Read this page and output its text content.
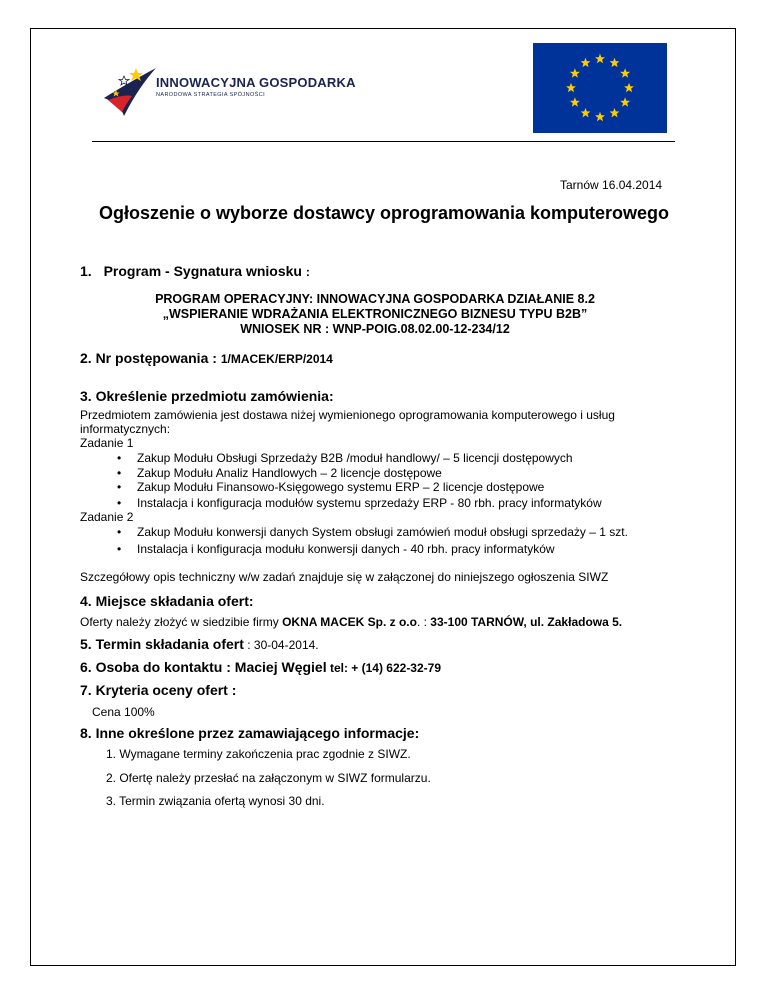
INNOWACYJNA GOSPODARKA
NARODOWA STRATEGIA SPÓJNOŚCI
Tarnów 16.04.2014
Ogłoszenie o wyborze dostawcy oprogramowania komputerowego
1. Program - Sygnatura wniosku :
PROGRAM OPERACYJNY: INNOWACYJNA GOSPODARKA DZIAŁANIE 8.2
„WSPIERANIE WDRAŻANIA ELEKTRONICZNEGO BIZNESU TYPU B2B”
WNIOSEK NR : WNP-POIG.08.02.00-12-234/12
2. Nr postępowania : 1/MACEK/ERP/2014
3. Określenie przedmiotu zamówienia:
Przedmiotem zamówienia jest dostawa niżej wymienionego oprogramowania komputerowego i usług
informatycznych:
Zadanie 1
• Zakup Modułu Obsługi Sprzedaży B2B /moduł handlowy/ – 5 licencji dostępowych
• Zakup Modułu Analiz Handlowych – 2 licencje dostępowe
• Zakup Modułu Finansowo-Księgowego systemu ERP – 2 licencje dostępowe
• Instalacja i konfiguracja modułów systemu sprzedaży ERP - 80 rbh. pracy informatyków
Zadanie 2
• Zakup Modułu konwersji danych System obsługi zamówień moduł obsługi sprzedaży – 1 szt.
• Instalacja i konfiguracja modułu konwersji danych - 40 rbh. pracy informatyków
Szczegółowy opis techniczny w/w zadań znajduje się w załączonej do niniejszego ogłoszenia SIWZ
4. Miejsce składania ofert:
Oferty należy złożyć w siedzibie firmy OKNA MACEK Sp. z o.o. : 33-100 TARNÓW, ul. Zakładowa 5.
5. Termin składania ofert : 30-04-2014.
6. Osoba do kontaktu : Maciej Węgiel tel: + (14) 622-32-79
7. Kryteria oceny ofert :
Cena 100%
8. Inne określone przez zamawiającego informacje:
1. Wymagane terminy zakończenia prac zgodnie z SIWZ.
2. Ofertę należy przesłać na załączonym w SIWZ formularzu.
3. Termin związania ofertą wynosi 30 dni.
